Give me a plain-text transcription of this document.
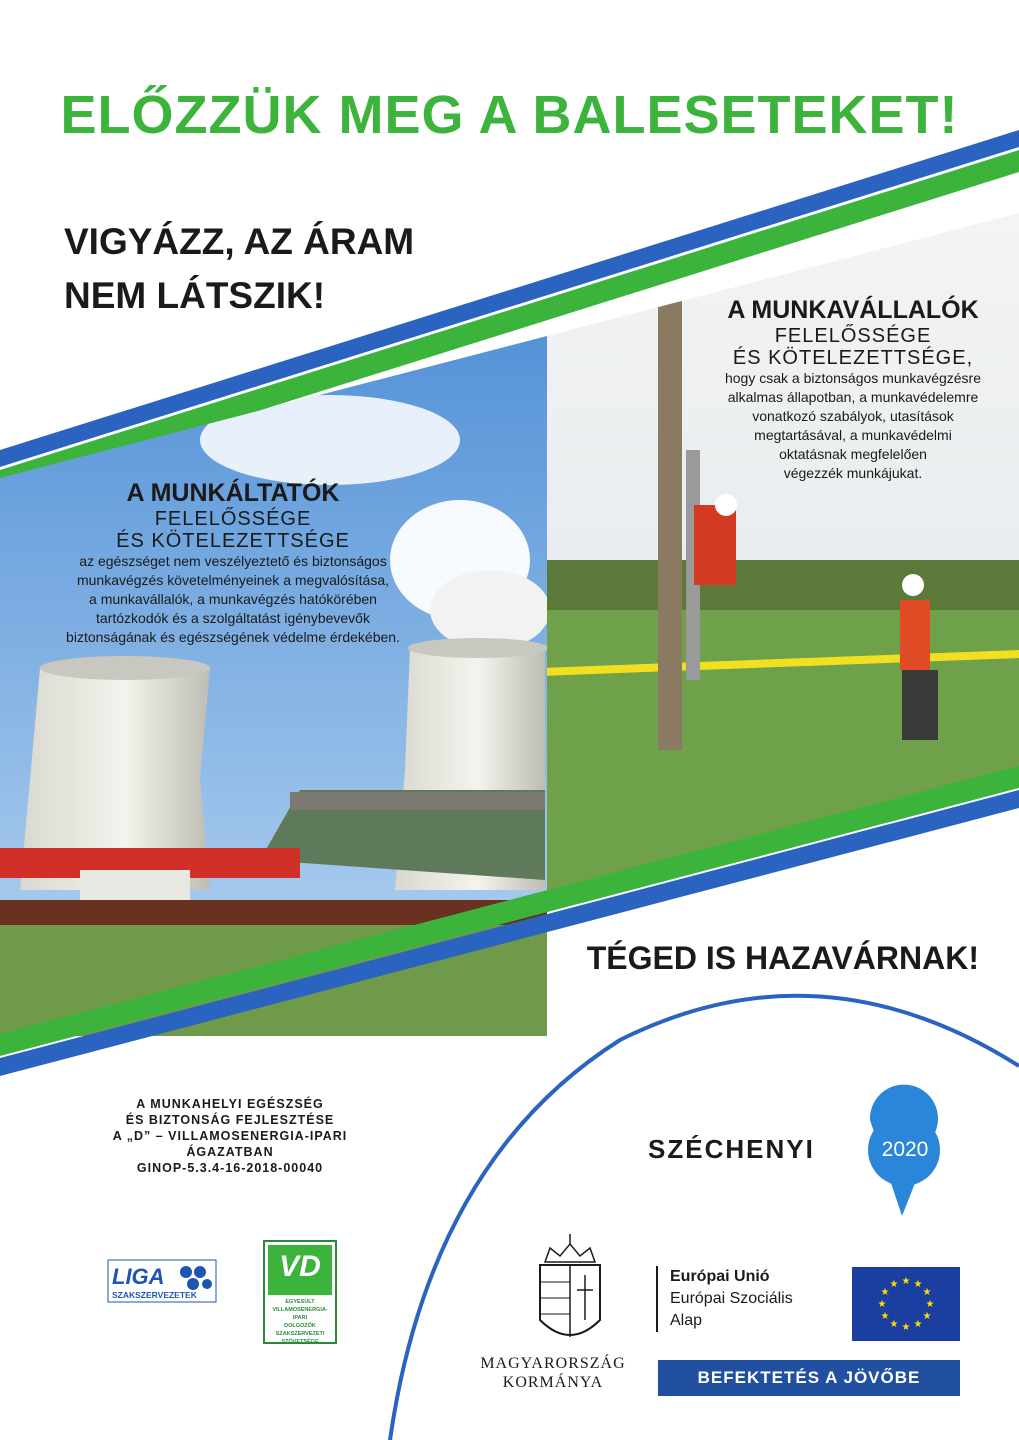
★ ★
★
★
★
★
★
★
★
★
★
★
ELŐZZÜK MEG A BALESETEKET!
VIGYÁZZ, AZ ÁRAM
NEM LÁTSZIK!
A MUNKÁLTATÓK
FELELŐSSÉGE
ÉS KÖTELEZETTSÉGE
az egészséget nem veszélyeztető és biztonságos
munkavégzés követelményeinek a megvalósítása,
a munkavállalók, a munkavégzés hatókörében
tartózkodók és a szolgáltatást igénybevevők
biztonságának és egészségének védelme érdekében.
A MUNKAVÁLLALÓK
FELELŐSSÉGE
ÉS KÖTELEZETTSÉGE,
hogy csak a biztonságos munkavégzésre
alkalmas állapotban, a munkavédelemre
vonatkozó szabályok, utasítások
megtartásával, a munkavédelmi
oktatásnak megfelelően
végezzék munkájukat.
TÉGED IS HAZAVÁRNAK!
A MUNKAHELYI EGÉSZSÉG
ÉS BIZTONSÁG FEJLESZTÉSE
A „D” – VILLAMOSENERGIA-IPARI
ÁGAZATBAN
GINOP-5.3.4-16-2018-00040
SZÉCHENYI	2020
MAGYARORSZÁG
KORMÁNYA
Európai Unió
Európai Szociális
Alap
BEFEKTETÉS A JÖVŐBE
LIGA
SZAKSZERVEZETEK
VD
EGYESÜLT
VILLAMOSENERGIA-IPARI
DOLGOZÓK
SZAKSZERVEZETI
SZÖVETSÉGE
